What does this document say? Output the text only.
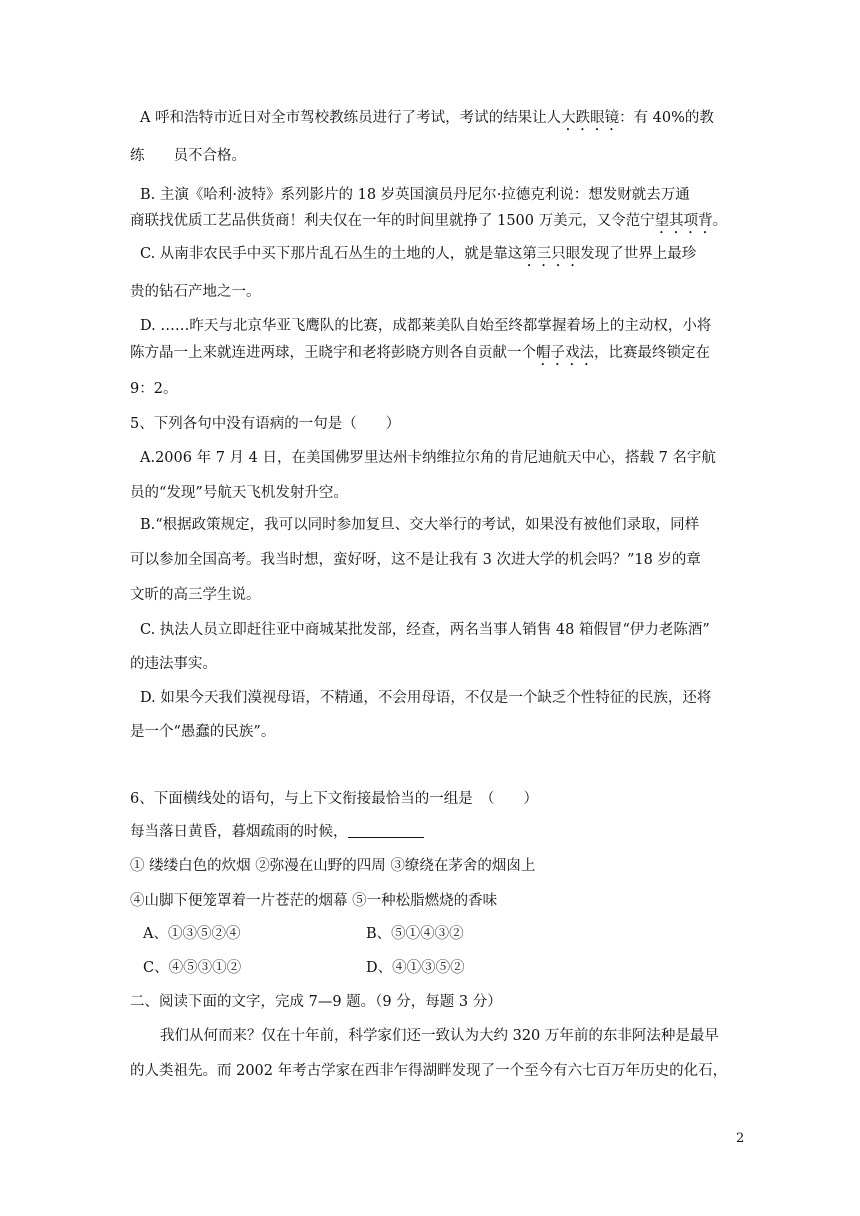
A 呼和浩特市近日对全市驾校教练员进行了考试，考试的结果让人大跌眼镜：有 40%的教
练　　员不合格。
B. 主演《哈利·波特》系列影片的 18 岁英国演员丹尼尔·拉德克利说：想发财就去万通
商联找优质工艺品供货商！利夫仅在一年的时间里就挣了 1500 万美元，又令范宁望其项背。
C. 从南非农民手中买下那片乱石丛生的土地的人，就是靠这第三只眼发现了世界上最珍
贵的钻石产地之一。
D. ……昨天与北京华亚飞鹰队的比赛，成都莱美队自始至终都掌握着场上的主动权，小将
陈方晶一上来就连进两球，王晓宇和老将彭晓方则各自贡献一个帽子戏法，比赛最终锁定在
9：2。
5、下列各句中没有语病的一句是（　　）
A.2006 年 7 月 4 日，在美国佛罗里达州卡纳维拉尔角的肯尼迪航天中心，搭载 7 名宇航
员的“发现”号航天飞机发射升空。
B.“根据政策规定，我可以同时参加复旦、交大举行的考试，如果没有被他们录取，同样
可以参加全国高考。我当时想，蛮好呀，这不是让我有 3 次进大学的机会吗？”18 岁的章
文昕的高三学生说。
C. 执法人员立即赶往亚中商城某批发部，经查，两名当事人销售 48 箱假冒“伊力老陈酒”
的违法事实。
D. 如果今天我们漠视母语，不精通，不会用母语，不仅是一个缺乏个性特征的民族，还将
是一个“愚蠢的民族”。
6、下面横线处的语句，与上下文衔接最恰当的一组是　（　　）
每当落日黄昏，暮烟疏雨的时候，
① 缕缕白色的炊烟 ②弥漫在山野的四周 ③缭绕在茅舍的烟囱上
④山脚下便笼罩着一片苍茫的烟幕 ⑤一种松脂燃烧的香味
A、①③⑤②④	B、⑤①④③②
C、④⑤③①②	D、④①③⑤②
二、阅读下面的文字，完成 7—9 题。（9 分，每题 3 分）
我们从何而来？仅在十年前，科学家们还一致认为大约 320 万年前的东非阿法种是最早
的人类祖先。而 2002 年考古学家在西非乍得湖畔发现了一个至今有六七百万年历史的化石，
2
